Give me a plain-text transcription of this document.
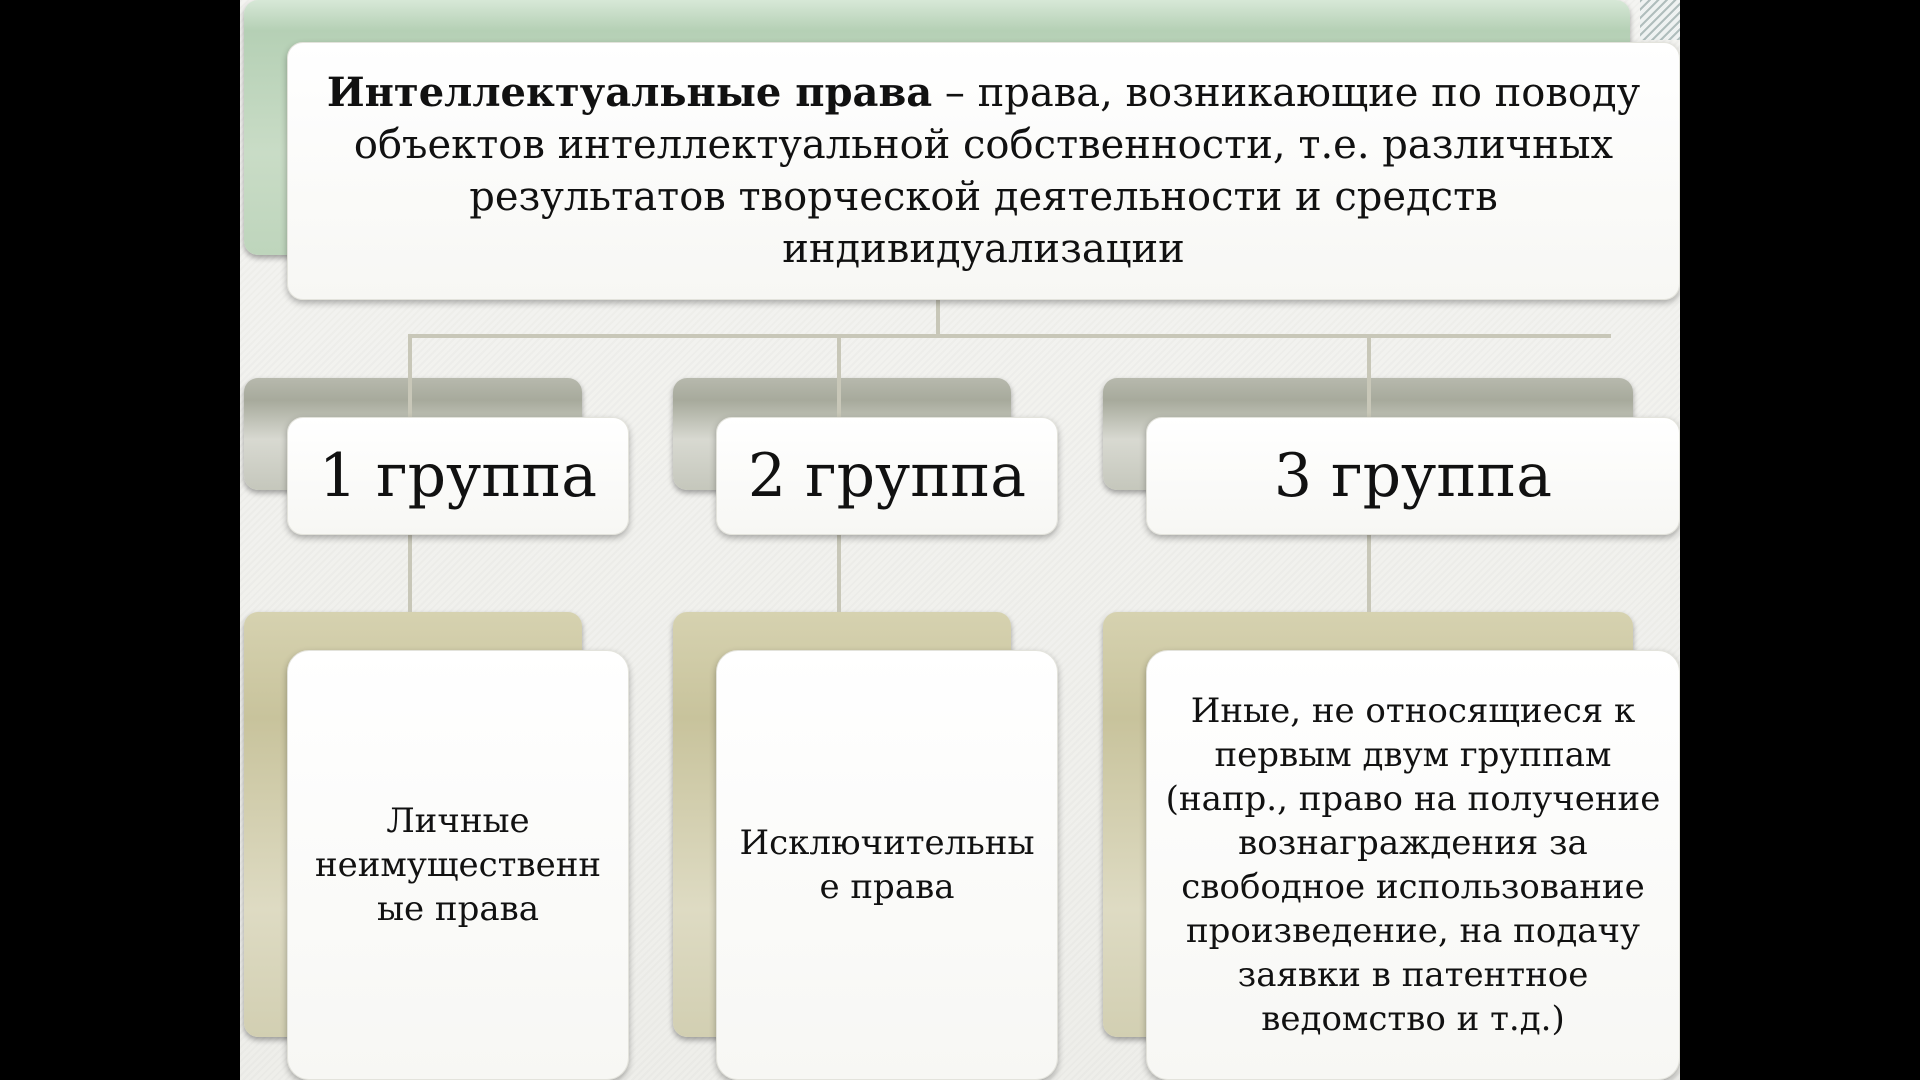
Интеллектуальные права – права, возникающие по поводу объектов интеллектуальной собственности, т.е. различных результатов творческой деятельности и средств индивидуализации
1 группа	2 группа	3 группа
Личные неимущественн ые права
Исключительны е права
Иные, не относящиеся к первым двум группам (напр., право на получение вознаграждения за свободное использование произведение, на подачу заявки в патентное ведомство и т.д.)
